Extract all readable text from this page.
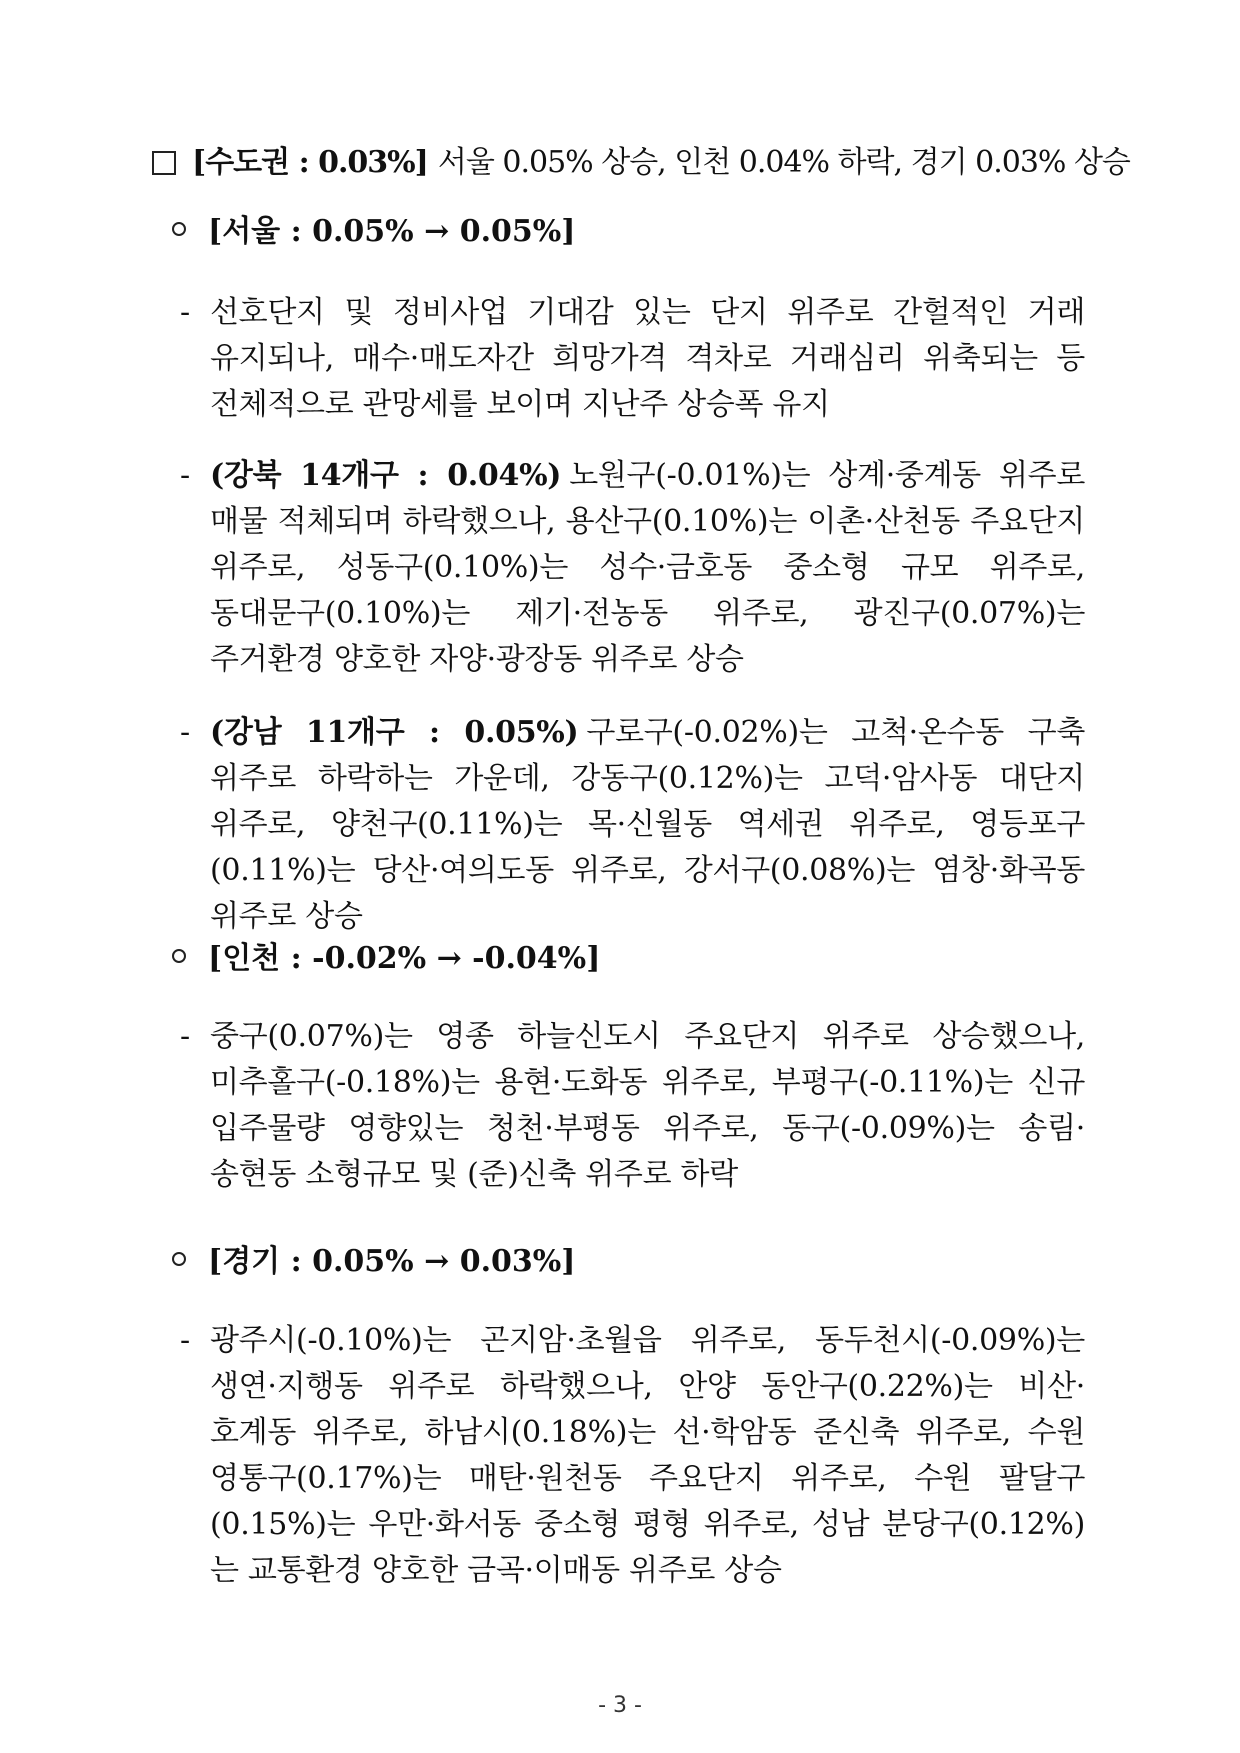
[수도권 : 0.03%] 서울 0.05% 상승, 인천 0.04% 하락, 경기 0.03% 상승
[서울 : 0.05% → 0.05%]
- 선호단지 및 정비사업 기대감 있는 단지 위주로 간헐적인 거래 유지되나, 매수·매도자간 희망가격 격차로 거래심리 위축되는 등 전체적으로 관망세를 보이며 지난주 상승폭 유지
- (강북 14개구 : 0.04%) 노원구(-0.01%)는 상계·중계동 위주로 매물 적체되며 하락했으나, 용산구(0.10%)는 이촌·산천동 주요단지 위주로, 성동구(0.10%)는 성수·금호동 중소형 규모 위주로, 동대문구(0.10%)는 제기·전농동 위주로, 광진구(0.07%)는 주거환경 양호한 자양·광장동 위주로 상승
- (강남 11개구 : 0.05%) 구로구(-0.02%)는 고척·온수동 구축 위주로 하락하는 가운데, 강동구(0.12%)는 고덕·암사동 대단지 위주로, 양천구(0.11%)는 목·신월동 역세권 위주로, 영등포구(0.11%)는 당산·여의도동 위주로, 강서구(0.08%)는 염창·화곡동 위주로 상승
[인천 : -0.02% → -0.04%]
- 중구(0.07%)는 영종 하늘신도시 주요단지 위주로 상승했으나, 미추홀구(-0.18%)는 용현·도화동 위주로, 부평구(-0.11%)는 신규 입주물량 영향있는 청천·부평동 위주로, 동구(-0.09%)는 송림·송현동 소형규모 및 (준)신축 위주로 하락
[경기 : 0.05% → 0.03%]
- 광주시(-0.10%)는 곤지암·초월읍 위주로, 동두천시(-0.09%)는 생연·지행동 위주로 하락했으나, 안양 동안구(0.22%)는 비산·호계동 위주로, 하남시(0.18%)는 선·학암동 준신축 위주로, 수원 영통구(0.17%)는 매탄·원천동 주요단지 위주로, 수원 팔달구(0.15%)는 우만·화서동 중소형 평형 위주로, 성남 분당구(0.12%)는 교통환경 양호한 금곡·이매동 위주로 상승
- 3 -
